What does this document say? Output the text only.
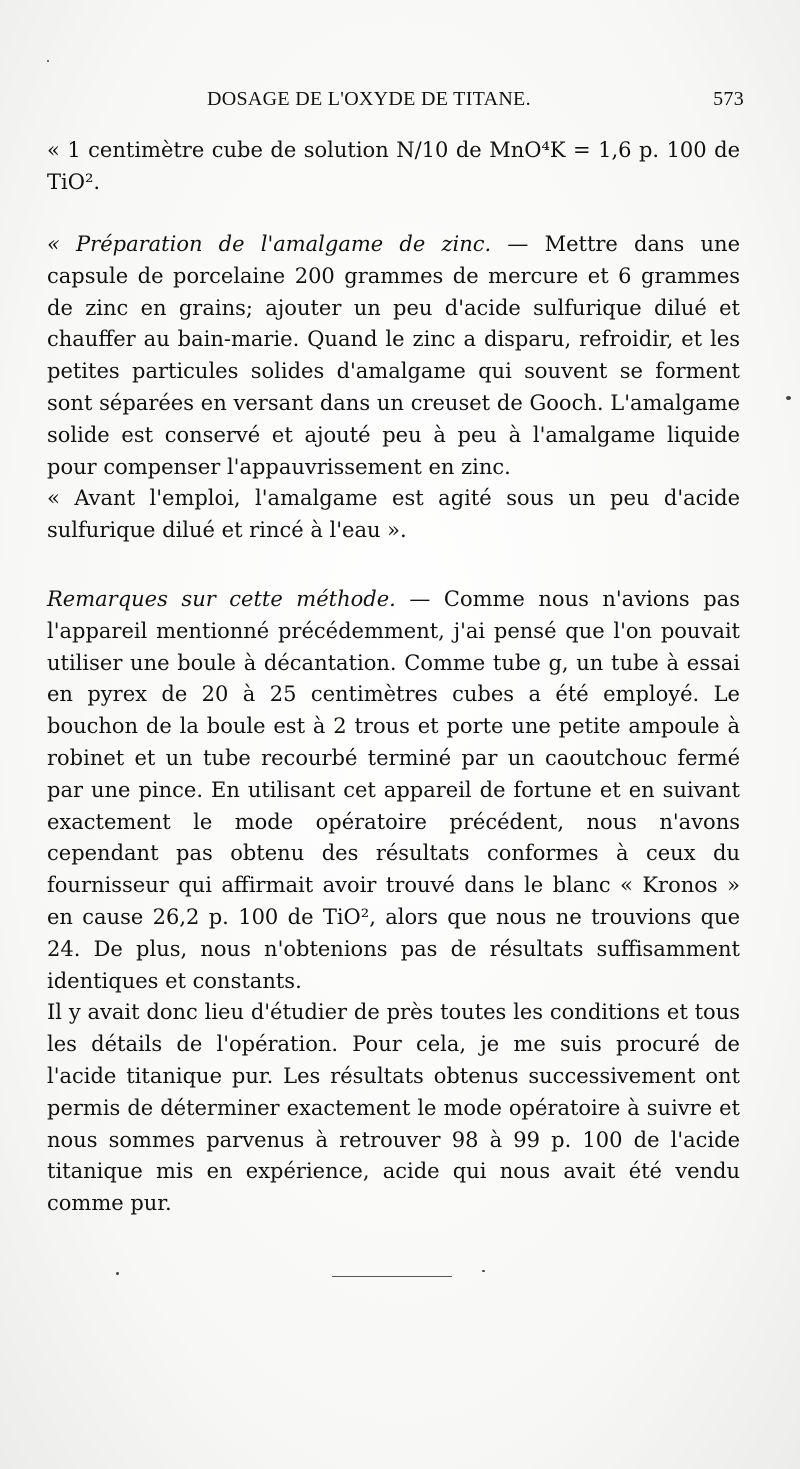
DOSAGE DE L'OXYDE DE TITANE.	573

« 1 centimètre cube de solution N/10 de MnO⁴K = 1,6 p. 100 de TiO².

« Préparation de l'amalgame de zinc. — Mettre dans une capsule de porcelaine 200 grammes de mercure et 6 grammes de zinc en grains; ajouter un peu d'acide sulfurique dilué et chauffer au bain-marie. Quand le zinc a disparu, refroidir, et les petites particules solides d'amalgame qui souvent se forment sont séparées en versant dans un creuset de Gooch. L'amalgame solide est conservé et ajouté peu à peu à l'amalgame liquide pour compenser l'appauvrissement en zinc.

« Avant l'emploi, l'amalgame est agité sous un peu d'acide sulfurique dilué et rincé à l'eau ».

Remarques sur cette méthode. — Comme nous n'avions pas l'appareil mentionné précédemment, j'ai pensé que l'on pouvait utiliser une boule à décantation. Comme tube g, un tube à essai en pyrex de 20 à 25 centimètres cubes a été employé. Le bouchon de la boule est à 2 trous et porte une petite ampoule à robinet et un tube recourbé terminé par un caoutchouc fermé par une pince. En utilisant cet appareil de fortune et en suivant exactement le mode opératoire précédent, nous n'avons cependant pas obtenu des résultats conformes à ceux du fournisseur qui affirmait avoir trouvé dans le blanc « Kronos » en cause 26,2 p. 100 de TiO², alors que nous ne trouvions que 24. De plus, nous n'obtenions pas de résultats suffisamment identiques et constants.

Il y avait donc lieu d'étudier de près toutes les conditions et tous les détails de l'opération. Pour cela, je me suis procuré de l'acide titanique pur. Les résultats obtenus successivement ont permis de déterminer exactement le mode opératoire à suivre et nous sommes parvenus à retrouver 98 à 99 p. 100 de l'acide titanique mis en expérience, acide qui nous avait été vendu comme pur.
